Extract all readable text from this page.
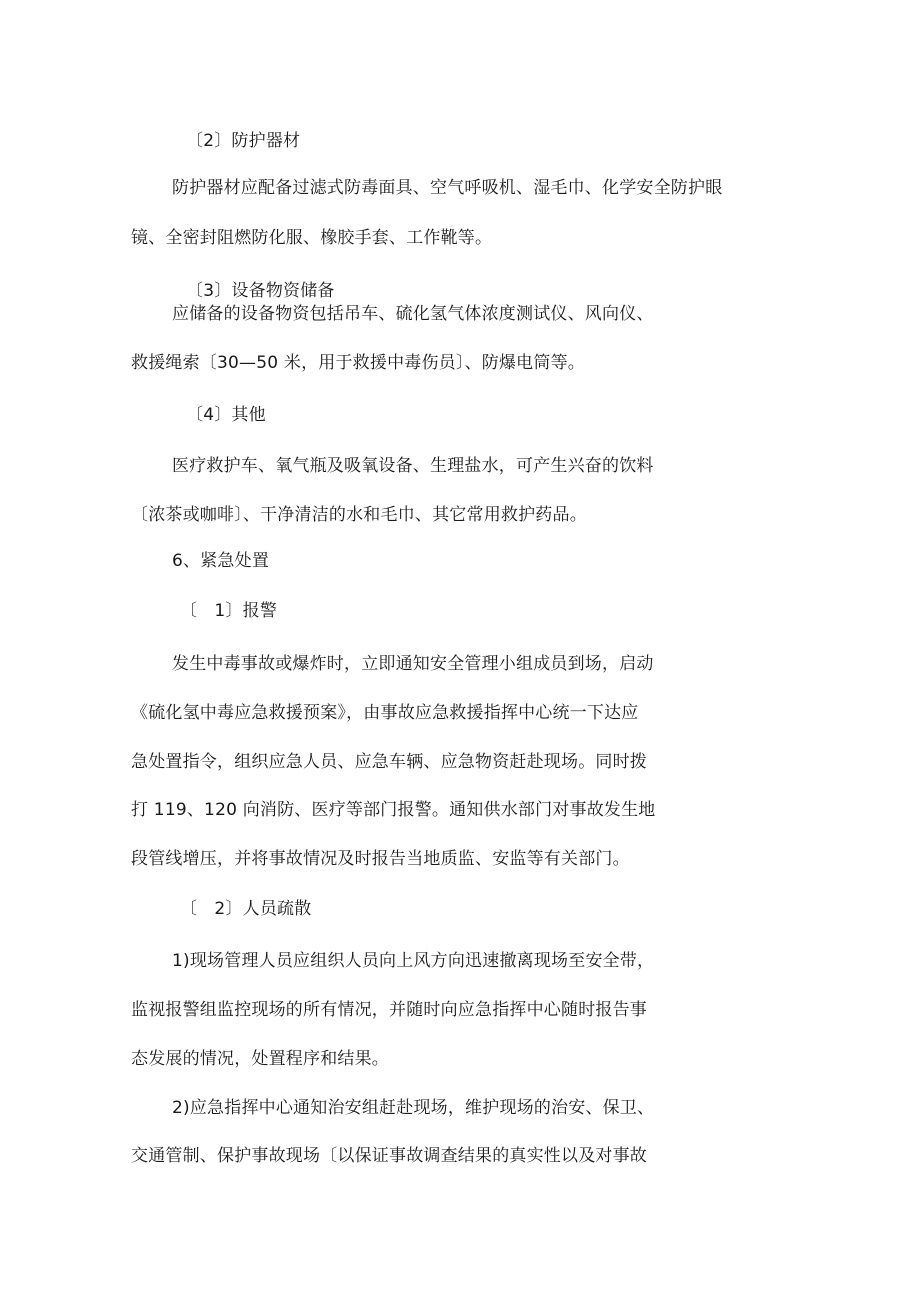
〔2〕防护器材
防护器材应配备过滤式防毒面具、空气呼吸机、湿毛巾、化学安全防护眼
镜、全密封阻燃防化服、橡胶手套、工作靴等。
〔3〕设备物资储备
应储备的设备物资包括吊车、硫化氢气体浓度测试仪、风向仪、
救援绳索〔30—50 米，用于救援中毒伤员〕、防爆电筒等。
〔4〕其他
医疗救护车、氧气瓶及吸氧设备、生理盐水，可产生兴奋的饮料
〔浓茶或咖啡〕、干净清洁的水和毛巾、其它常用救护药品。
6、紧急处置
〔　1〕报警
发生中毒事故或爆炸时，立即通知安全管理小组成员到场，启动
《硫化氢中毒应急救援预案》，由事故应急救援指挥中心统一下达应
急处置指令，组织应急人员、应急车辆、应急物资赶赴现场。同时拨
打 119、120 向消防、医疗等部门报警。通知供水部门对事故发生地
段管线增压，并将事故情况及时报告当地质监、安监等有关部门。
〔　2〕人员疏散
1)现场管理人员应组织人员向上风方向迅速撤离现场至安全带，
监视报警组监控现场的所有情况，并随时向应急指挥中心随时报告事
态发展的情况，处置程序和结果。
2)应急指挥中心通知治安组赶赴现场，维护现场的治安、保卫、
交通管制、保护事故现场〔以保证事故调查结果的真实性以及对事故
